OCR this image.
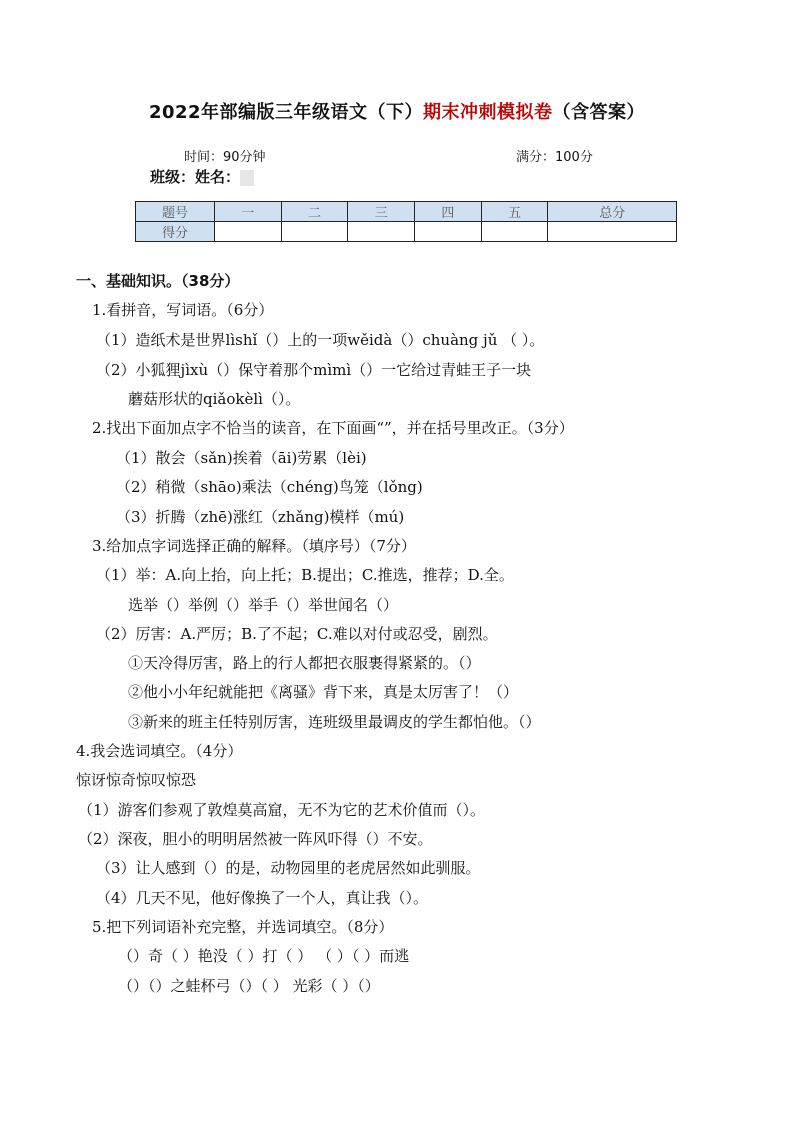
2022年部编版三年级语文（下）期末冲刺模拟卷（含答案）
时间：90分钟	满分：100分
班级：姓名：
题号	一	二	三	四	五	总分
得分						
一、基础知识。（38分）
1.看拼音，写词语。（6分）
（1）造纸术是世界lìshǐ（）上的一项wěidà（）chuàng jǔ （ ）。
（2）小狐狸jìxù（）保守着那个mìmì（）一它给过青蛙王子一块
蘑菇形状的qiǎokèlì（）。
2.找出下面加点字不恰当的读音，在下面画“”，并在括号里改正。（3分）
（1）散会（sǎn)挨着（āi)劳累（lèi)
（2）稍微（shāo)乘法（chéng)鸟笼（lǒng)
（3）折腾（zhē)涨红（zhǎng)模样（mú)
3.给加点字词选择正确的解释。（填序号）（7分）
（1）举：A.向上抬，向上托；B.提出；C.推选，推荐；D.全。
选举（）举例（）举手（）举世闻名（）
（2）厉害：A.严厉；B.了不起；C.难以对付或忍受，剧烈。
①天冷得厉害，路上的行人都把衣服裹得紧紧的。（）
②他小小年纪就能把《离骚》背下来，真是太厉害了！（）
③新来的班主任特别厉害，连班级里最调皮的学生都怕他。（）
4.我会选词填空。（4分）
惊讶惊奇惊叹惊恐
（1）游客们参观了敦煌莫高窟，无不为它的艺术价值而（）。
（2）深夜，胆小的明明居然被一阵风吓得（）不安。
（3）让人感到（）的是，动物园里的老虎居然如此驯服。
（4）几天不见，他好像换了一个人，真让我（）。
5.把下列词语补充完整，并选词填空。（8分）
（）奇（ ）艳没（ ）打（ ） （ ）（ ）而逃
（）（）之蛙杯弓（）（ ） 光彩（ ）（）
